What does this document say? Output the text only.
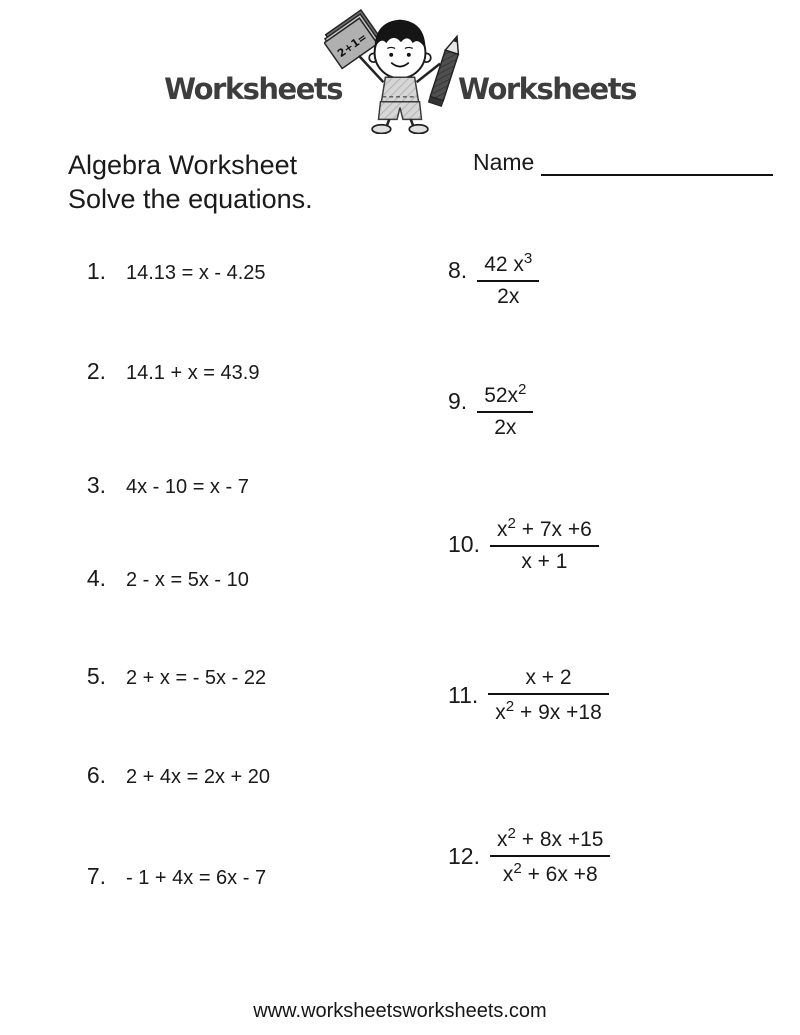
Worksheets
2+1=
Worksheets
Algebra Worksheet
Solve the equations.
Name
1. 14.13 = x - 4.25
2. 14.1 + x = 43.9
3. 4x - 10 = x - 7
4. 2 - x = 5x - 10
5. 2 + x = - 5x - 22
6. 2 + 4x = 2x + 20
7. - 1 + 4x = 6x - 7
8. $\frac{42 x^3}{2x}$
9. $\frac{52x^2}{2x}$
10. $\frac{x^2 + 7x +6}{x + 1}$
11. $\frac{x + 2}{x^2 + 9x +18}$
12. $\frac{x^2 + 8x +15}{x^2 + 6x +8}$
www.worksheetsworksheets.com
